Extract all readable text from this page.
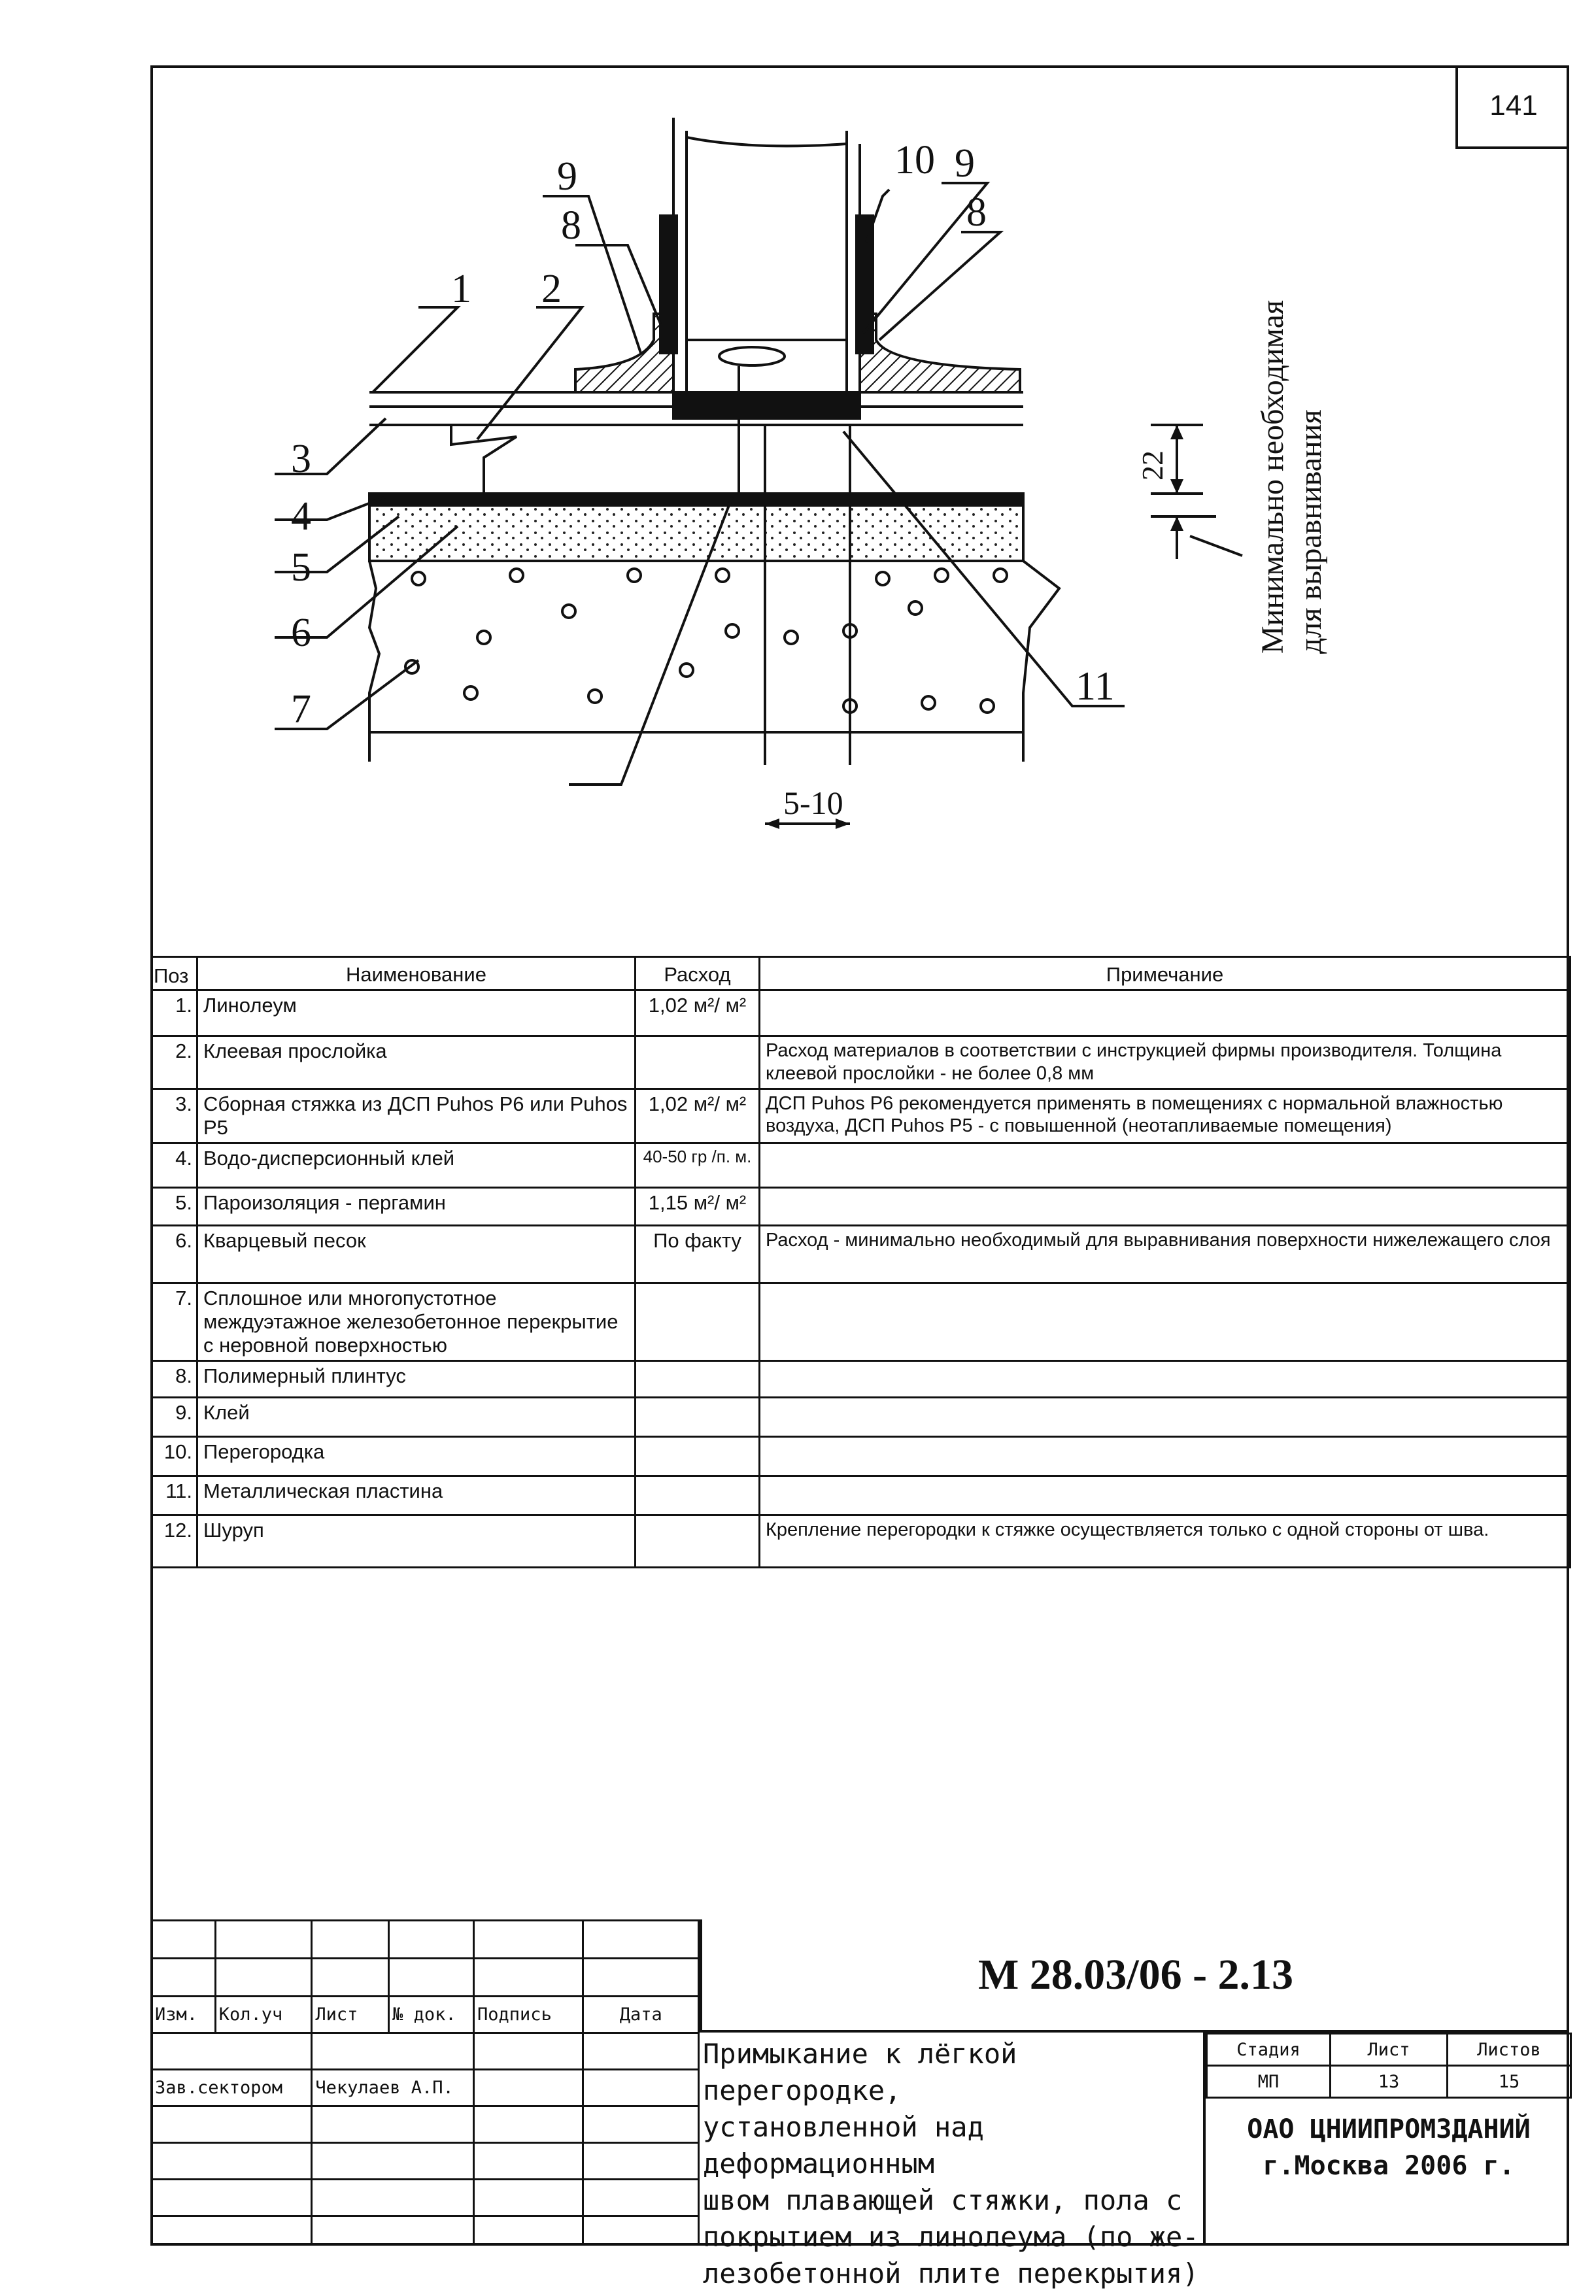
141
1 2
3
4
5
6
7
8	8
9	9
10
11
5-10
22	Минимально необходимая для выравнивания
Поз	Наименование	Расход	Примечание
1.	Линолеум	1,02 м²/ м²	
2.	Клеевая прослойка		Расход материалов в соответствии с инструкцией фирмы производителя. Толщина клеевой прослойки - не более 0,8 мм
3.	Сборная стяжка из ДСП Puhos P6 или Puhos P5	1,02 м²/ м²	ДСП Puhos P6 рекомендуется применять в помещениях с нормальной влажностью воздуха, ДСП Puhos P5 - с повышенной (неотапливаемые помещения)
4.	Водо-дисперсионный клей	40-50 гр /п. м.	
5.	Пароизоляция - пергамин	1,15 м²/ м²	
6.	Кварцевый песок	По факту	Расход - минимально необходимый для выравнивания поверхности нижележащего слоя
7.	Сплошное или многопустотное междуэтажное железобетонное перекрытие с неровной поверхностью		
8.	Полимерный плинтус		
9.	Клей		
10.	Перегородка		
11.	Металлическая пластина		
12.	Шуруп		Крепление перегородки к стяжке осуществляется только с одной стороны от шва.

Изм.	Кол.уч	Лист	№ док.	Подпись	Дата

Зав.сектором		Чекулаев А.П.			

М 28.03/06 - 2.13
Примыкание к лёгкой перегородке,
установленной над деформационным
швом плавающей стяжки, пола с
покрытием из линолеума (по же-
лезобетонной плите перекрытия)
Стадия	Лист	Листов
МП	13	15
ОАО ЦНИИПРОМЗДАНИЙ
г.Москва 2006 г.
